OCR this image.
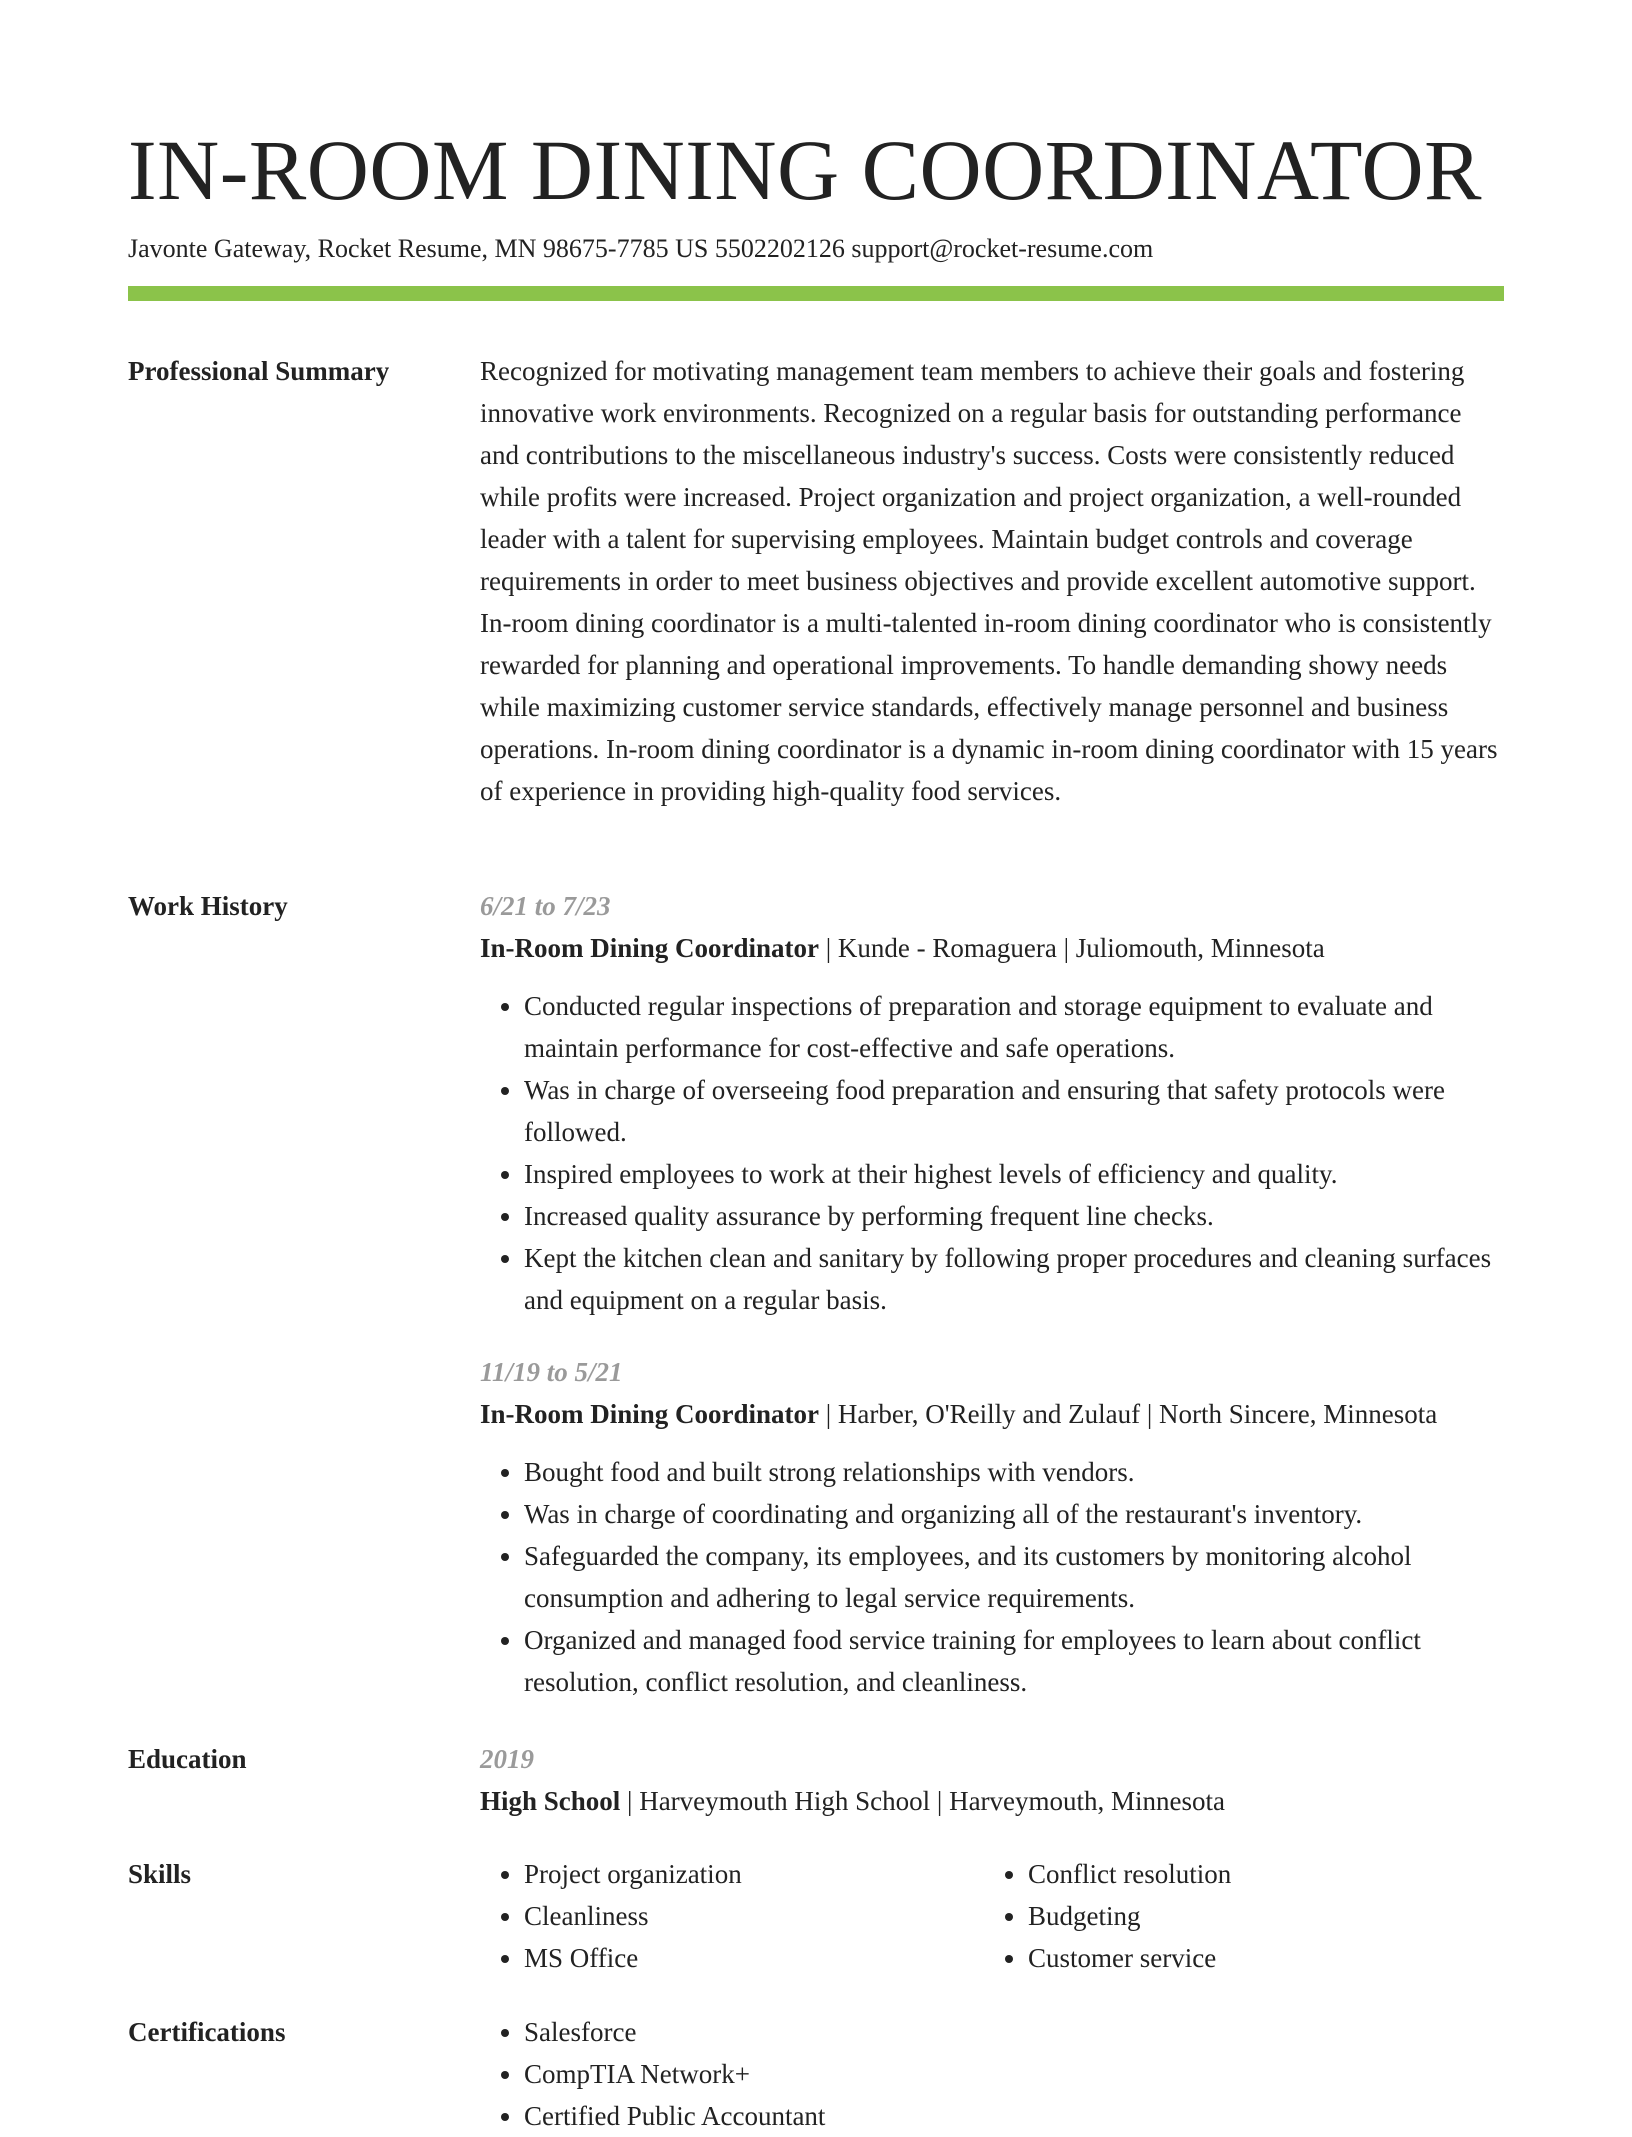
IN-ROOM DINING COORDINATOR
Javonte Gateway, Rocket Resume, MN 98675-7785 US 5502202126 support@rocket-resume.com
Professional Summary	Recognized for motivating management team members to achieve their goals and fostering innovative work environments. Recognized on a regular basis for outstanding performance and contributions to the miscellaneous industry's success. Costs were consistently reduced while profits were increased. Project organization and project organization, a well-rounded leader with a talent for supervising employees. Maintain budget controls and coverage requirements in order to meet business objectives and provide excellent automotive support. In-room dining coordinator is a multi-talented in-room dining coordinator who is consistently rewarded for planning and operational improvements. To handle demanding showy needs while maximizing customer service standards, effectively manage personnel and business operations. In-room dining coordinator is a dynamic in-room dining coordinator with 15 years of experience in providing high-quality food services.

Work History	6/21 to 7/23

In-Room Dining Coordinator | Kunde - Romaguera | Juliomouth, Minnesota

• Conducted regular inspections of preparation and storage equipment to evaluate and maintain performance for cost-effective and safe operations.
• Was in charge of overseeing food preparation and ensuring that safety protocols were followed.
• Inspired employees to work at their highest levels of efficiency and quality.
• Increased quality assurance by performing frequent line checks.
• Kept the kitchen clean and sanitary by following proper procedures and cleaning surfaces and equipment on a regular basis.

11/19 to 5/21

In-Room Dining Coordinator | Harber, O'Reilly and Zulauf | North Sincere, Minnesota

• Bought food and built strong relationships with vendors.
• Was in charge of coordinating and organizing all of the restaurant's inventory.
• Safeguarded the company, its employees, and its customers by monitoring alcohol consumption and adhering to legal service requirements.
• Organized and managed food service training for employees to learn about conflict resolution, conflict resolution, and cleanliness.
Education	2019

High School | Harveymouth High School | Harveymouth, Minnesota

Skills	• Project organization
• Cleanliness
• MS Office
• Conflict resolution
• Budgeting
• Customer service
Certifications	• Salesforce
• CompTIA Network+
• Certified Public Accountant
